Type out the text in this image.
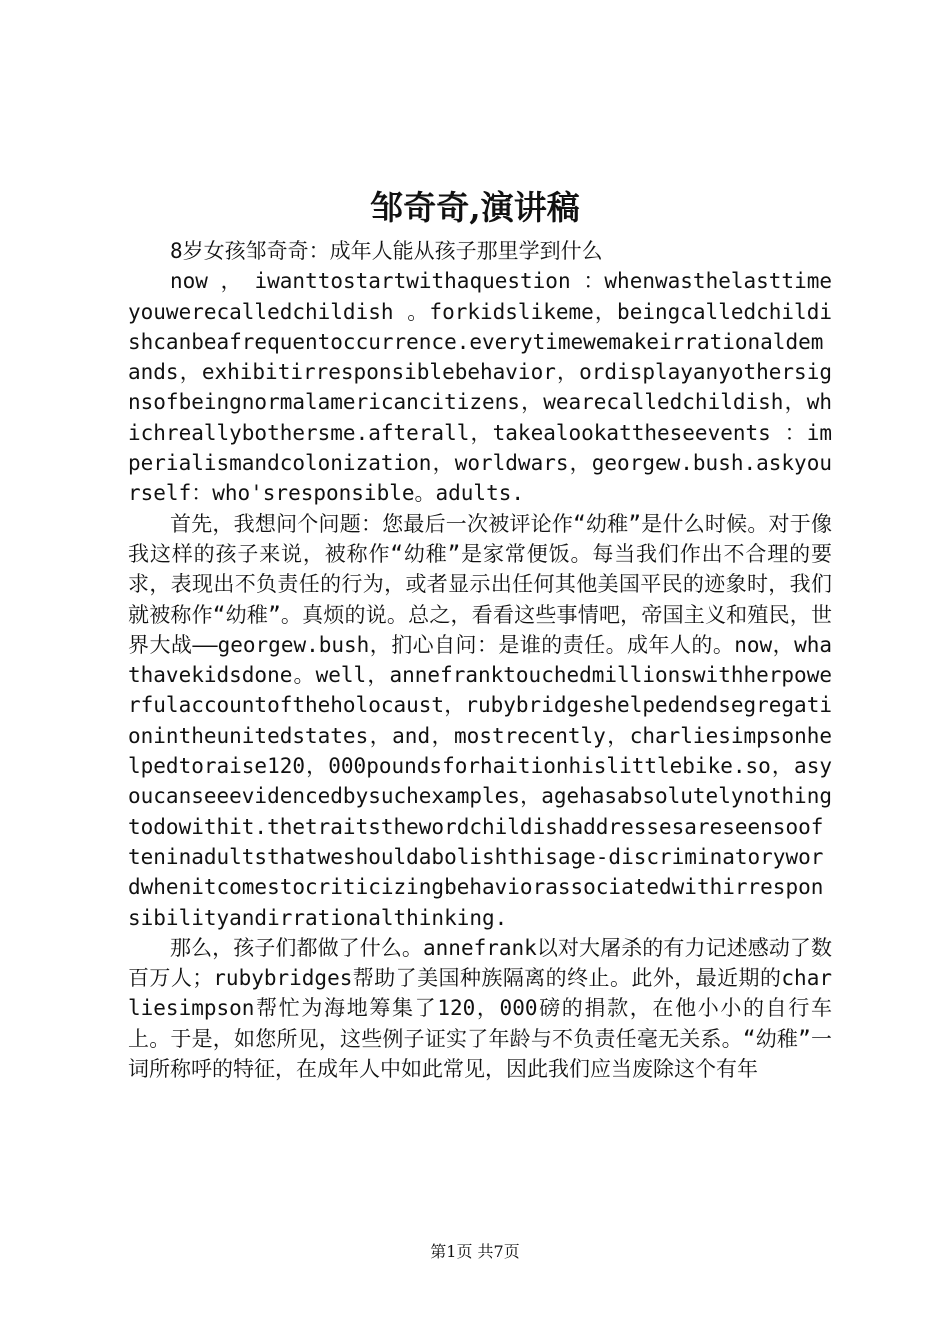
邹奇奇,演讲稿

8岁女孩邹奇奇：成年人能从孩子那里学到什么

now ， iwanttostartwithaquestion ：whenwasthelasttimeyouwerecalledchildish 。forkidslikeme，beingcalledchildishcanbeafrequentoccurrence.everytimewemakeirrationaldemands，exhibitirresponsiblebehavior，ordisplayanyothersignsofbeingnormalamericancitizens，wearecalledchildish，whichreallybothersme.afterall，takealookattheseevents ：imperialismandcolonization，worldwars，georgew.bush.askyourself：who'sresponsible。adults.

首先，我想问个问题：您最后一次被评论作“幼稚”是什么时候。对于像我这样的孩子来说，被称作“幼稚”是家常便饭。每当我们作出不合理的要求，表现出不负责任的行为，或者显示出任何其他美国平民的迹象时，我们就被称作“幼稚”。真烦的说。总之，看看这些事情吧，帝国主义和殖民，世界大战——georgew.bush，扪心自问：是谁的责任。成年人的。now，whathavekidsdone。well，annefranktouchedmillionswithherpowerfulaccountoftheholocaust，rubybridgeshelpedendsegregationintheunitedstates，and，mostrecently，charliesimpsonhelpedtoraise120，000poundsforhaitionhislittlebike.so，asyoucanseeevidencedbysuchexamples，agehasabsolutelynothingtodowithit.thetraitsthewordchildishaddressesareseensoofteninadultsthatweshouldabolishthisage-discriminatorywordwhenitcomestocriticizingbehaviorassociatedwithirresponsibilityandirrationalthinking.

那么，孩子们都做了什么。annefrank以对大屠杀的有力记述感动了数百万人；rubybridges帮助了美国种族隔离的终止。此外，最近期的charliesimpson帮忙为海地筹集了120，000磅的捐款，在他小小的自行车上。于是，如您所见，这些例子证实了年龄与不负责任毫无关系。“幼稚”一词所称呼的特征，在成年人中如此常见，因此我们应当废除这个有年

第1页 共7页
